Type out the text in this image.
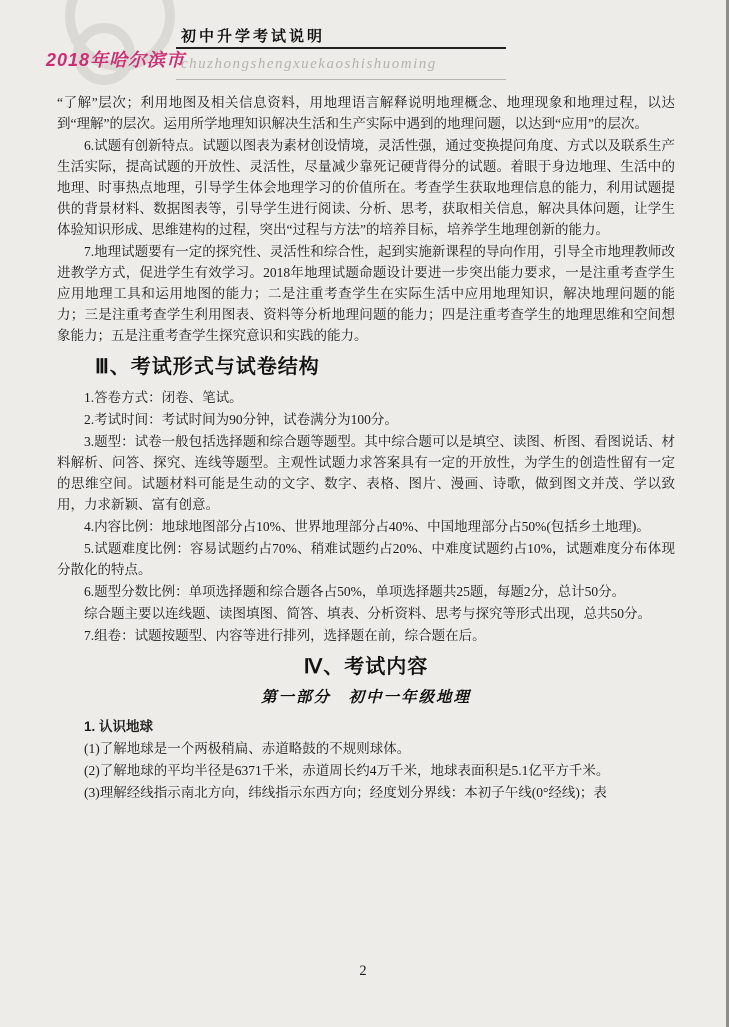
初中升学考试说明
2018年哈尔滨市
chuzhongshengxuekaoshishuoming

“了解”层次；利用地图及相关信息资料，用地理语言解释说明地理概念、地理现象和地理过程，以达到“理解”的层次。运用所学地理知识解决生活和生产实际中遇到的地理问题，以达到“应用”的层次。

6.试题有创新特点。试题以图表为素材创设情境，灵活性强，通过变换提问角度、方式以及联系生产生活实际，提高试题的开放性、灵活性，尽量减少靠死记硬背得分的试题。着眼于身边地理、生活中的地理、时事热点地理，引导学生体会地理学习的价值所在。考查学生获取地理信息的能力，利用试题提供的背景材料、数据图表等，引导学生进行阅读、分析、思考，获取相关信息，解决具体问题，让学生体验知识形成、思维建构的过程，突出“过程与方法”的培养目标，培养学生地理创新的能力。

7.地理试题要有一定的探究性、灵活性和综合性，起到实施新课程的导向作用，引导全市地理教师改进教学方式，促进学生有效学习。2018年地理试题命题设计要进一步突出能力要求，一是注重考查学生应用地理工具和运用地图的能力；二是注重考查学生在实际生活中应用地理知识，解决地理问题的能力；三是注重考查学生利用图表、资料等分析地理问题的能力；四是注重考查学生的地理思维和空间想象能力；五是注重考查学生探究意识和实践的能力。

Ⅲ、考试形式与试卷结构

1.答卷方式：闭卷、笔试。

2.考试时间：考试时间为90分钟，试卷满分为100分。

3.题型：试卷一般包括选择题和综合题等题型。其中综合题可以是填空、读图、析图、看图说话、材料解析、问答、探究、连线等题型。主观性试题力求答案具有一定的开放性，为学生的创造性留有一定的思维空间。试题材料可能是生动的文字、数字、表格、图片、漫画、诗歌，做到图文并茂、学以致用，力求新颖、富有创意。

4.内容比例：地球地图部分占10%、世界地理部分占40%、中国地理部分占50%(包括乡土地理)。

5.试题难度比例：容易试题约占70%、稍难试题约占20%、中难度试题约占10%，试题难度分布体现分散化的特点。

6.题型分数比例：单项选择题和综合题各占50%，单项选择题共25题，每题2分，总计50分。

综合题主要以连线题、读图填图、简答、填表、分析资料、思考与探究等形式出现，总共50分。

7.组卷：试题按题型、内容等进行排列，选择题在前，综合题在后。

Ⅳ、考试内容
第一部分　初中一年级地理

1. 认识地球

(1)了解地球是一个两极稍扁、赤道略鼓的不规则球体。

(2)了解地球的平均半径是6371千米，赤道周长约4万千米，地球表面积是5.1亿平方千米。

(3)理解经线指示南北方向，纬线指示东西方向；经度划分界线：本初子午线(0°经线)；表

2
